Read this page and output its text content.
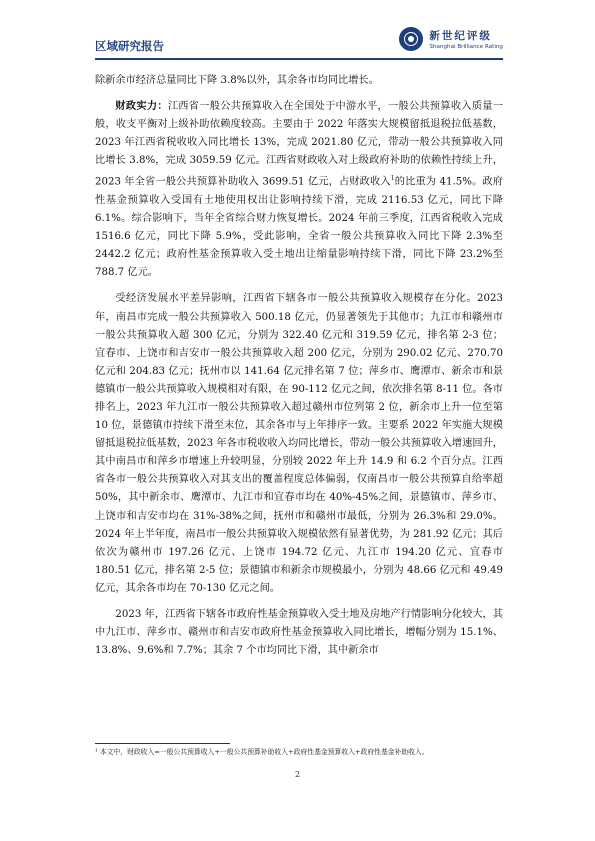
区域研究报告
新世纪评级
Shanghai Brilliance Rating

除新余市经济总量同比下降 3.8%以外，其余各市均同比增长。

财政实力：江西省一般公共预算收入在全国处于中游水平，一般公共预算收入质量一般，收支平衡对上级补助依赖度较高。主要由于 2022 年落实大规模留抵退税拉低基数，2023 年江西省税收收入同比增长 13%，完成 2021.80 亿元，带动一般公共预算收入同比增长 3.8%，完成 3059.59 亿元。江西省财政收入对上级政府补助的依赖性持续上升，2023 年全省一般公共预算补助收入 3699.51 亿元，占财政收入$^1$的比重为 41.5%。政府性基金预算收入受国有土地使用权出让影响持续下滑，完成 2116.53 亿元，同比下降 6.1%。综合影响下，当年全省综合财力恢复增长。2024 年前三季度，江西省税收入完成 1516.6 亿元，同比下降 5.9%，受此影响，全省一般公共预算收入同比下降 2.3%至 2442.2 亿元；政府性基金预算收入受土地出让缩量影响持续下滑，同比下降 23.2%至 788.7 亿元。

受经济发展水平差异影响，江西省下辖各市一般公共预算收入规模存在分化。2023 年，南昌市完成一般公共预算收入 500.18 亿元，仍显著领先于其他市；九江市和赣州市一般公共预算收入超 300 亿元，分别为 322.40 亿元和 319.59 亿元，排名第 2-3 位；宜春市、上饶市和吉安市一般公共预算收入超 200 亿元，分别为 290.02 亿元、270.70 亿元和 204.83 亿元；抚州市以 141.64 亿元排名第 7 位；萍乡市、鹰潭市、新余市和景德镇市一般公共预算收入规模相对有限，在 90-112 亿元之间，依次排名第 8-11 位。各市排名上，2023 年九江市一般公共预算收入超过赣州市位列第 2 位，新余市上升一位至第 10 位，景德镇市持续下滑至末位，其余各市与上年排序一致。主要系 2022 年实施大规模留抵退税拉低基数，2023 年各市税收收入均同比增长，带动一般公共预算收入增速回升，其中南昌市和萍乡市增速上升较明显，分别较 2022 年上升 14.9 和 6.2 个百分点。江西省各市一般公共预算收入对其支出的覆盖程度总体偏弱，仅南昌市一般公共预算自给率超 50%，其中新余市、鹰潭市、九江市和宜春市均在 40%-45%之间，景德镇市、萍乡市、上饶市和吉安市均在 31%-38%之间，抚州市和赣州市最低，分别为 26.3%和 29.0%。2024 年上半年度，南昌市一般公共预算收入规模依然有显著优势，为 281.92 亿元；其后依次为赣州市 197.26 亿元、上饶市 194.72 亿元、九江市 194.20 亿元、宜春市 180.51 亿元，排名第 2-5 位；景德镇市和新余市规模最小，分别为 48.66 亿元和 49.49 亿元，其余各市均在 70-130 亿元之间。

2023 年，江西省下辖各市政府性基金预算收入受土地及房地产行情影响分化较大，其中九江市、萍乡市、赣州市和吉安市政府性基金预算收入同比增长，增幅分别为 15.1%、13.8%、9.6%和 7.7%；其余 7 个市均同比下滑，其中新余市

¹ 本文中，财政收入=一般公共预算收入+一般公共预算补助收入+政府性基金预算收入+政府性基金补助收入。
2
